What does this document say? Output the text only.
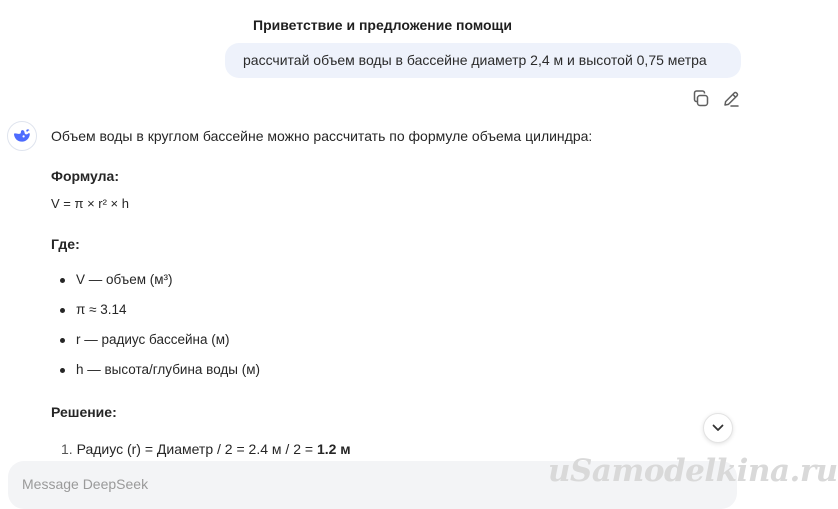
Приветствие и предложение помощи
рассчитай объем воды в бассейне диаметр 2,4 м и высотой 0,75 метра

Объем воды в круглом бассейне можно рассчитать по формуле объема цилиндра:

Формула:

V = π × r² × h

Где:

V — объем (м³)
π ≈ 3.14
r — радиус бассейна (м)
h — высота/глубина воды (м)

Решение:

1. Радиус (r) = Диаметр / 2 = 2.4 м / 2 = 1.2 м
Message DeepSeek
uSamodelkina.ru
